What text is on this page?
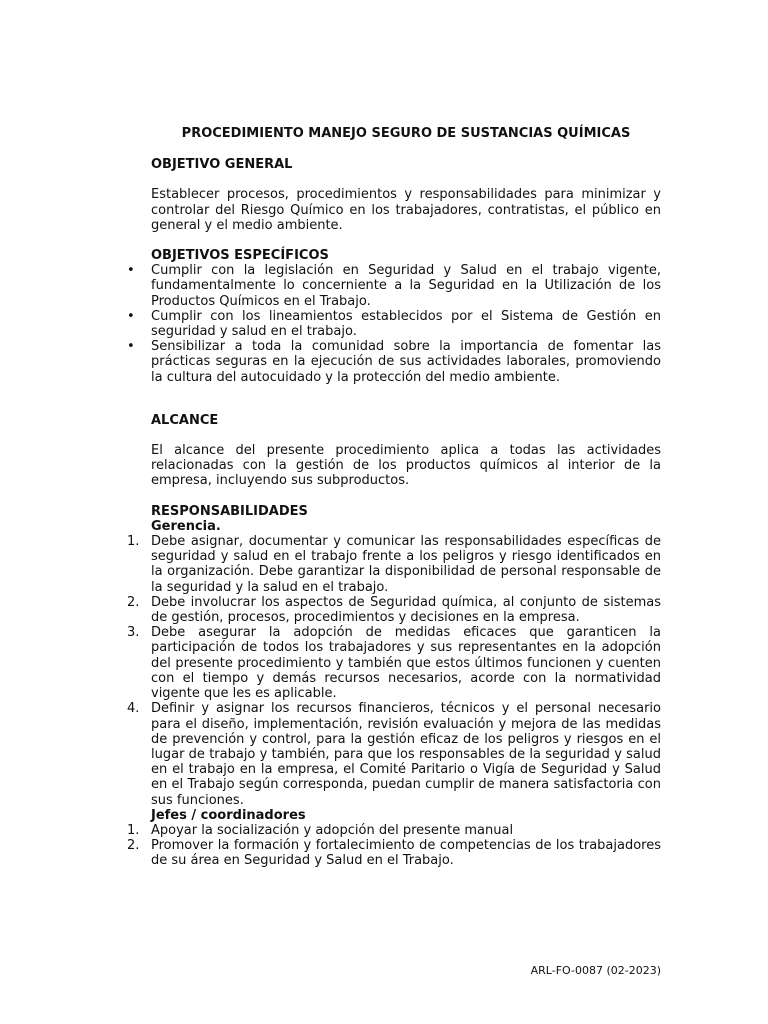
PROCEDIMIENTO MANEJO SEGURO DE SUSTANCIAS QUÍMICAS

OBJETIVO GENERAL

Establecer procesos, procedimientos y responsabilidades para minimizar y controlar del Riesgo Químico en los trabajadores, contratistas, el público en general y el medio ambiente.

OBJETIVOS ESPECÍFICOS

• Cumplir con la legislación en Seguridad y Salud en el trabajo vigente, fundamentalmente lo concerniente a la Seguridad en la Utilización de los Productos Químicos en el Trabajo.
• Cumplir con los lineamientos establecidos por el Sistema de Gestión en seguridad y salud en el trabajo.
• Sensibilizar a toda la comunidad sobre la importancia de fomentar las prácticas seguras en la ejecución de sus actividades laborales, promoviendo la cultura del autocuidado y la protección del medio ambiente.

ALCANCE

El alcance del presente procedimiento aplica a todas las actividades relacionadas con la gestión de los productos químicos al interior de la empresa, incluyendo sus subproductos.

RESPONSABILIDADES

Gerencia.

1. Debe asignar, documentar y comunicar las responsabilidades específicas de seguridad y salud en el trabajo frente a los peligros y riesgo identificados en la organización. Debe garantizar la disponibilidad de personal responsable de la seguridad y la salud en el trabajo.
2. Debe involucrar los aspectos de Seguridad química, al conjunto de sistemas de gestión, procesos, procedimientos y decisiones en la empresa.
3. Debe asegurar la adopción de medidas eficaces que garanticen la participación de todos los trabajadores y sus representantes en la adopción del presente procedimiento y también que estos últimos funcionen y cuenten con el tiempo y demás recursos necesarios, acorde con la normatividad vigente que les es aplicable.
4. Definir y asignar los recursos financieros, técnicos y el personal necesario para el diseño, implementación, revisión evaluación y mejora de las medidas de prevención y control, para la gestión eficaz de los peligros y riesgos en el lugar de trabajo y también, para que los responsables de la seguridad y salud en el trabajo en la empresa, el Comité Paritario o Vigía de Seguridad y Salud en el Trabajo según corresponda, puedan cumplir de manera satisfactoria con sus funciones.

Jefes / coordinadores

1. Apoyar la socialización y adopción del presente manual
2. Promover la formación y fortalecimiento de competencias de los trabajadores de su área en Seguridad y Salud en el Trabajo.
ARL-FO-0087 (02-2023)
